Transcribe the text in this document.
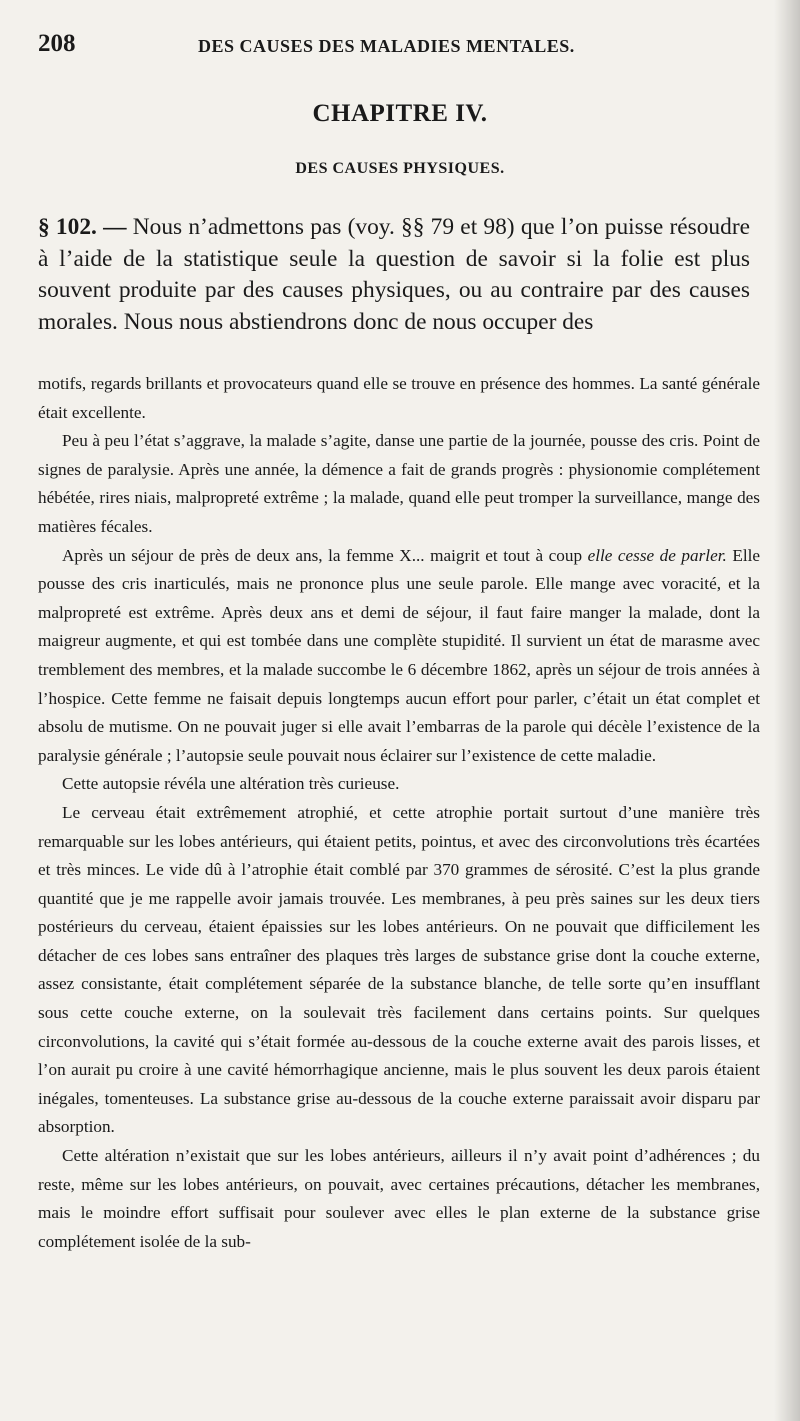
208	DES CAUSES DES MALADIES MENTALES.
CHAPITRE IV.
DES CAUSES PHYSIQUES.
§ 102. — Nous n’admettons pas (voy. §§ 79 et 98) que l’on puisse résoudre à l’aide de la statistique seule la question de savoir si la folie est plus souvent produite par des causes physiques, ou au contraire par des causes morales. Nous nous abstiendrons donc de nous occuper des

motifs, regards brillants et provocateurs quand elle se trouve en présence des hommes. La santé générale était excellente.

Peu à peu l’état s’aggrave, la malade s’agite, danse une partie de la journée, pousse des cris. Point de signes de paralysie. Après une année, la démence a fait de grands progrès : physionomie complétement hébétée, rires niais, malpropreté extrême ; la malade, quand elle peut tromper la surveillance, mange des matières fécales.

Après un séjour de près de deux ans, la femme X... maigrit et tout à coup elle cesse de parler. Elle pousse des cris inarticulés, mais ne prononce plus une seule parole. Elle mange avec voracité, et la malpropreté est extrême. Après deux ans et demi de séjour, il faut faire manger la malade, dont la maigreur augmente, et qui est tombée dans une complète stupidité. Il survient un état de marasme avec tremblement des membres, et la malade succombe le 6 décembre 1862, après un séjour de trois années à l’hospice. Cette femme ne faisait depuis longtemps aucun effort pour parler, c’était un état complet et absolu de mutisme. On ne pouvait juger si elle avait l’embarras de la parole qui décèle l’existence de la paralysie générale ; l’autopsie seule pouvait nous éclairer sur l’existence de cette maladie.

Cette autopsie révéla une altération très curieuse.

Le cerveau était extrêmement atrophié, et cette atrophie portait surtout d’une manière très remarquable sur les lobes antérieurs, qui étaient petits, pointus, et avec des circonvolutions très écartées et très minces. Le vide dû à l’atrophie était comblé par 370 grammes de sérosité. C’est la plus grande quantité que je me rappelle avoir jamais trouvée. Les membranes, à peu près saines sur les deux tiers postérieurs du cerveau, étaient épaissies sur les lobes antérieurs. On ne pouvait que difficilement les détacher de ces lobes sans entraîner des plaques très larges de substance grise dont la couche externe, assez consistante, était complétement séparée de la substance blanche, de telle sorte qu’en insufflant sous cette couche externe, on la soulevait très facilement dans certains points. Sur quelques circonvolutions, la cavité qui s’était formée au-dessous de la couche externe avait des parois lisses, et l’on aurait pu croire à une cavité hémorrhagique ancienne, mais le plus souvent les deux parois étaient inégales, tomenteuses. La substance grise au-dessous de la couche externe paraissait avoir disparu par absorption.

Cette altération n’existait que sur les lobes antérieurs, ailleurs il n’y avait point d’adhérences ; du reste, même sur les lobes antérieurs, on pouvait, avec certaines précautions, détacher les membranes, mais le moindre effort suffisait pour soulever avec elles le plan externe de la substance grise complétement isolée de la sub-
